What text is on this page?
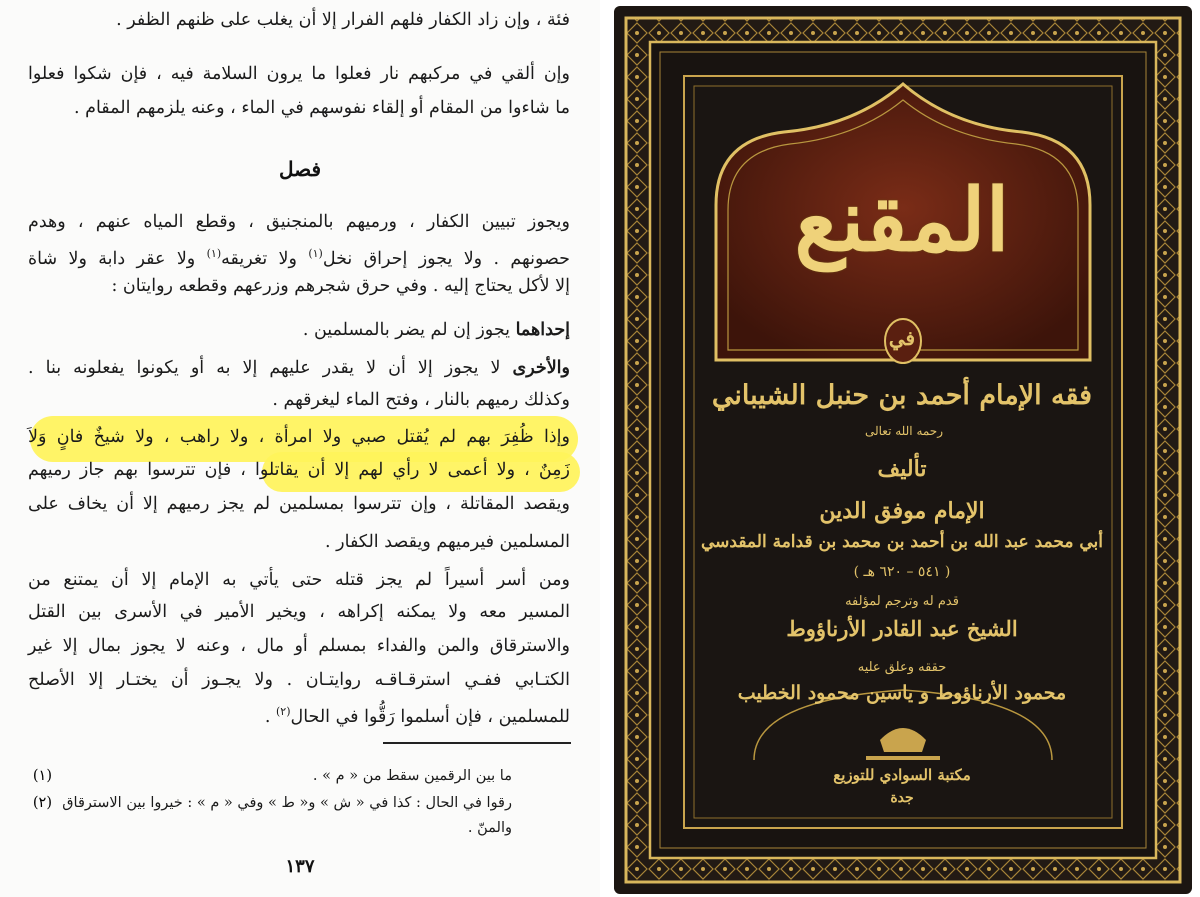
فئة ، وإن زاد الكفار فلهم الفرار إلا أن يغلب على ظنهم الظفر .
وإن ألقي في مركبهم نار فعلوا ما يرون السلامة فيه ، فإن شكوا فعلوا
ما شاءوا من المقام أو إلقاء نفوسهم في الماء ، وعنه يلزمهم المقام .
فصل
ويجوز تبيين الكفار ، ورميهم بالمنجنيق ، وقطع المياه عنهم ، وهدم
حصونهم . ولا يجوز إحراق نخل$^{(١)}$ ولا تغريقه$^{(١)}$ ولا عقر دابة ولا شاة
إلا لأكل يحتاج إليه . وفي حرق شجرهم وزرعهم وقطعه روايتان :
إحداهما يجوز إن لم يضر بالمسلمين .
والأخرى لا يجوز إلا أن لا يقدر عليهم إلا به أو يكونوا يفعلونه بنا .
وكذلك رميهم بالنار ، وفتح الماء ليغرقهم .
وإذا ظُفِرَ بهم لم يُقتل صبي ولا امرأة ، ولا راهب ، ولا شيخٌ فانٍ وَلاَ
زَمِنٌ ، ولا أعمى لا رأي لهم إلا أن يقاتلوا ، فإن تترسوا بهم جاز رميهم
ويقصد المقاتلة ، وإن تترسوا بمسلمين لم يجز رميهم إلا أن يخاف على
المسلمين فيرميهم ويقصد الكفار .
ومن أسر أسيراً لم يجز قتله حتى يأتي به الإمام إلا أن يمتنع من
المسير معه ولا يمكنه إكراهه ، ويخير الأمير في الأسرى بين القتل
والاسترقاق والمن والفداء بمسلم أو مال ، وعنه لا يجوز بمال إلا غير
الكتـابي ففـي استرقـاقـه روايتـان . ولا يجـوز أن يختـار إلا الأصلح
للمسلمين ، فإن أسلموا رَقُّوا في الحال$^{(٢)}$ .
(١)	ما بين الرقمين سقط من « م » .
(٢) رقوا في الحال : كذا في « ش » و« ط » وفي « م » : خيروا بين الاسترقاق
والمنّ .
١٣٧
المقنع
في
فقه الإمام أحمد بن حنبل الشيباني
رحمه الله تعالى
تأليف
الإمام موفق الدين
أبي محمد عبد الله بن أحمد بن محمد بن قدامة المقدسي
( ٥٤١ – ٦٢٠ هـ )
قدم له وترجم لمؤلفه
الشيخ عبد القادر الأرناؤوط
حققه وعلق عليه
محمود الأرناؤوط و ياسين محمود الخطيب
مكتبة السوادي للتوزيع
جدة
